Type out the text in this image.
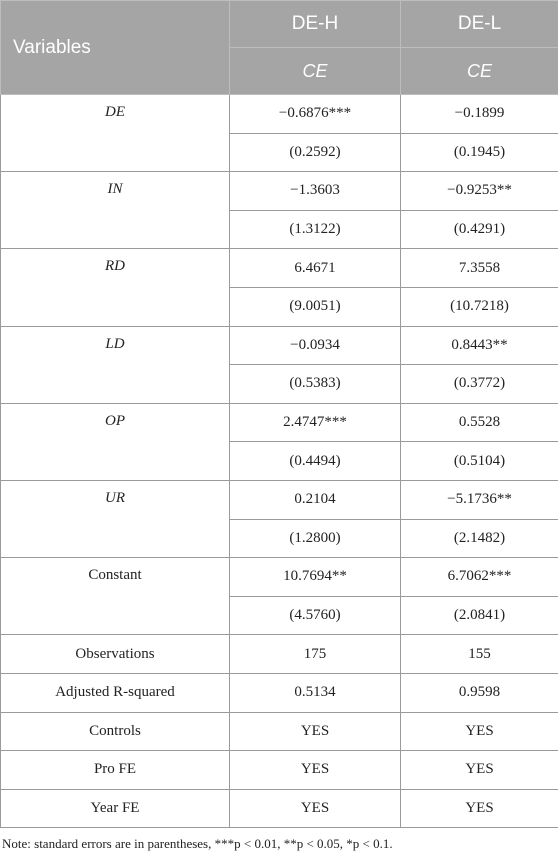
Variables	DE-H	DE-L
	CE	CE
DE	−0.6876***	−0.1899
	(0.2592)	(0.1945)
IN	−1.3603	−0.9253**
	(1.3122)	(0.4291)
RD	6.4671	7.3558
	(9.0051)	(10.7218)
LD	−0.0934	0.8443**
	(0.5383)	(0.3772)
OP	2.4747***	0.5528
	(0.4494)	(0.5104)
UR	0.2104	−5.1736**
	(1.2800)	(2.1482)
Constant	10.7694**	6.7062***
	(4.5760)	(2.0841)
Observations	175	155
Adjusted R-squared	0.5134	0.9598
Controls	YES	YES
Pro FE	YES	YES
Year FE	YES	YES
Note: standard errors are in parentheses, ***p < 0.01, **p < 0.05, *p < 0.1.
